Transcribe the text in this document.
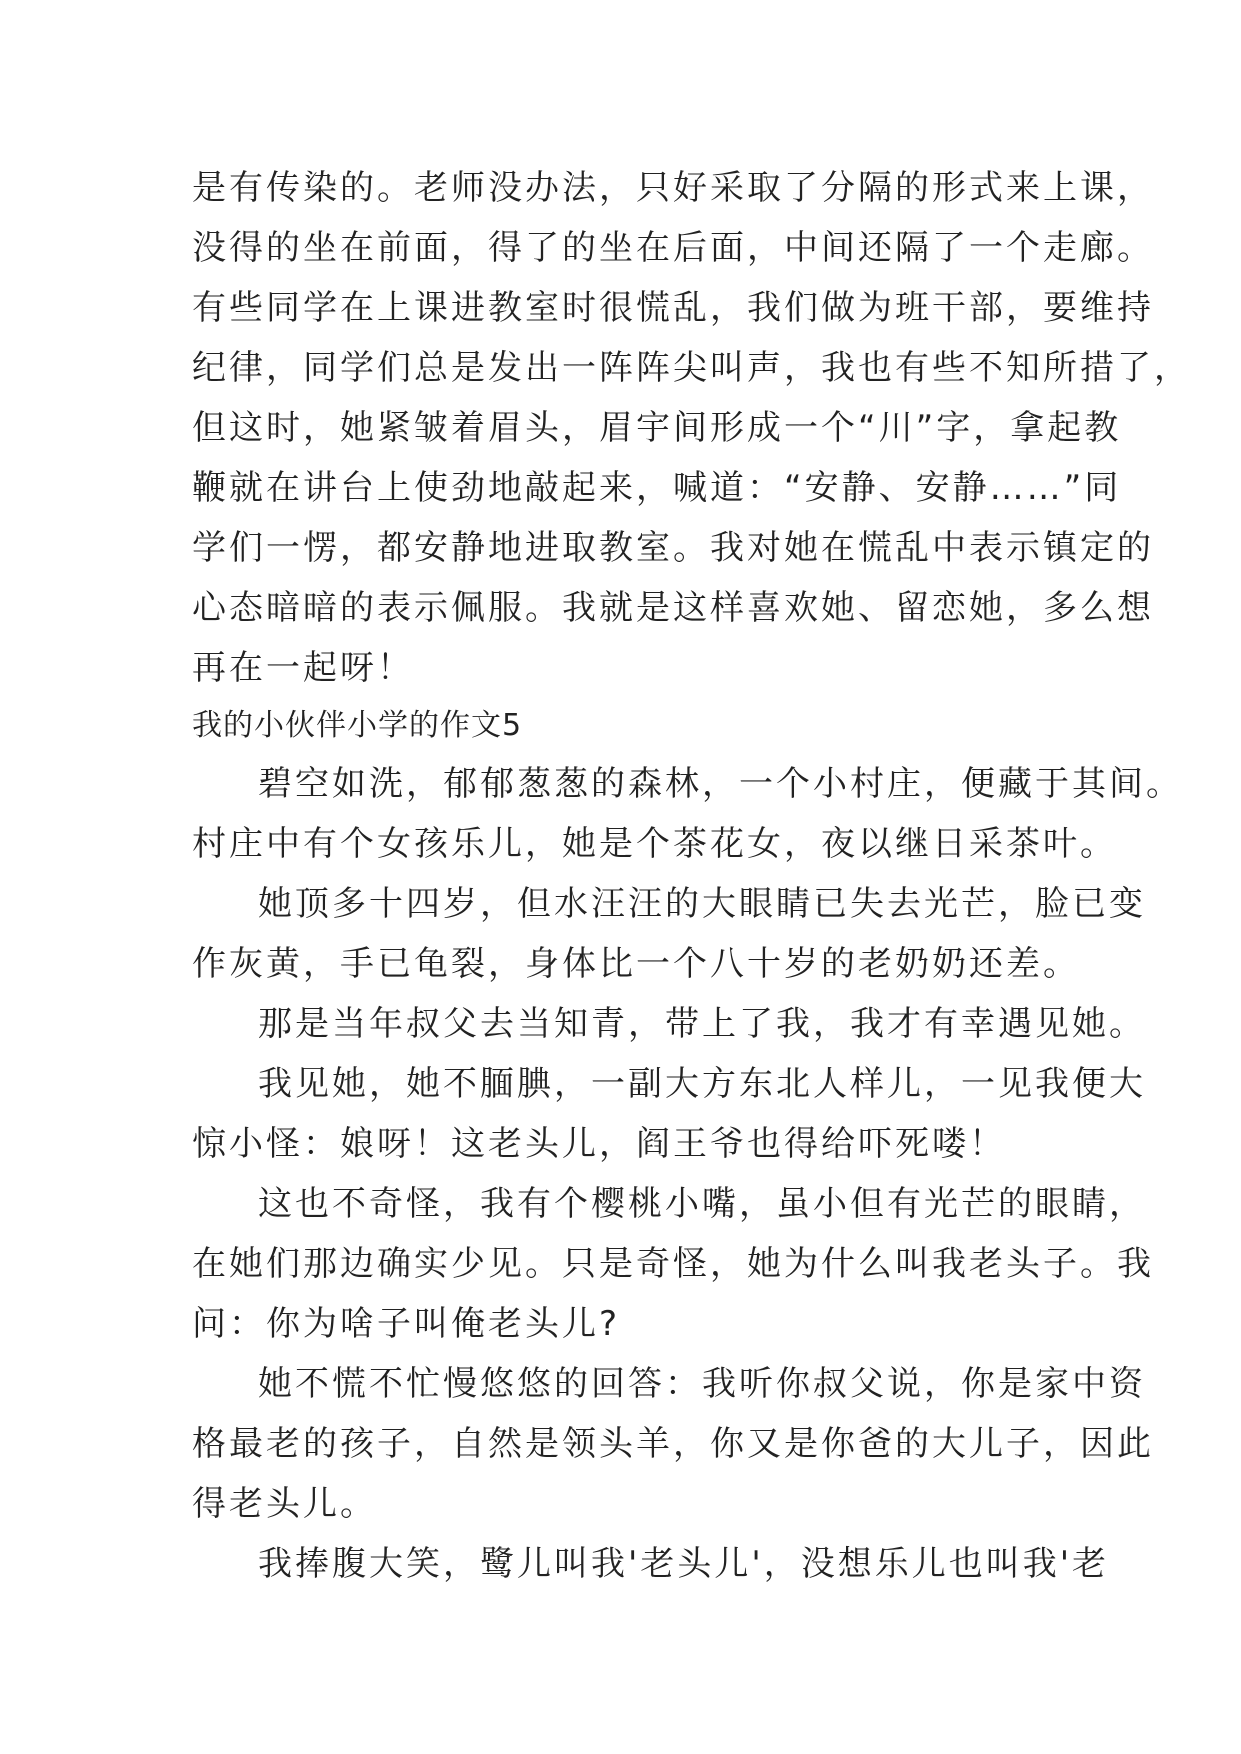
是有传染的。老师没办法，只好采取了分隔的形式来上课，
没得的坐在前面，得了的坐在后面，中间还隔了一个走廊。
有些同学在上课进教室时很慌乱，我们做为班干部，要维持
纪律，同学们总是发出一阵阵尖叫声，我也有些不知所措了，
但这时，她紧皱着眉头，眉宇间形成一个“川”字，拿起教
鞭就在讲台上使劲地敲起来，喊道：“安静、安静……”同
学们一愣，都安静地进取教室。我对她在慌乱中表示镇定的
心态暗暗的表示佩服。我就是这样喜欢她、留恋她，多么想
再在一起呀！
我的小伙伴小学的作文5
碧空如洗，郁郁葱葱的森林，一个小村庄，便藏于其间。
村庄中有个女孩乐儿，她是个茶花女，夜以继日采茶叶。
她顶多十四岁，但水汪汪的大眼睛已失去光芒，脸已变
作灰黄，手已龟裂，身体比一个八十岁的老奶奶还差。
那是当年叔父去当知青，带上了我，我才有幸遇见她。
我见她，她不腼腆，一副大方东北人样儿，一见我便大
惊小怪：娘呀！这老头儿，阎王爷也得给吓死喽！
这也不奇怪，我有个樱桃小嘴，虽小但有光芒的眼睛，
在她们那边确实少见。只是奇怪，她为什么叫我老头子。我
问：你为啥子叫俺老头儿?
她不慌不忙慢悠悠的回答：我听你叔父说，你是家中资
格最老的孩子，自然是领头羊，你又是你爸的大儿子，因此
得老头儿。
我捧腹大笑，鹭儿叫我'老头儿'，没想乐儿也叫我'老
